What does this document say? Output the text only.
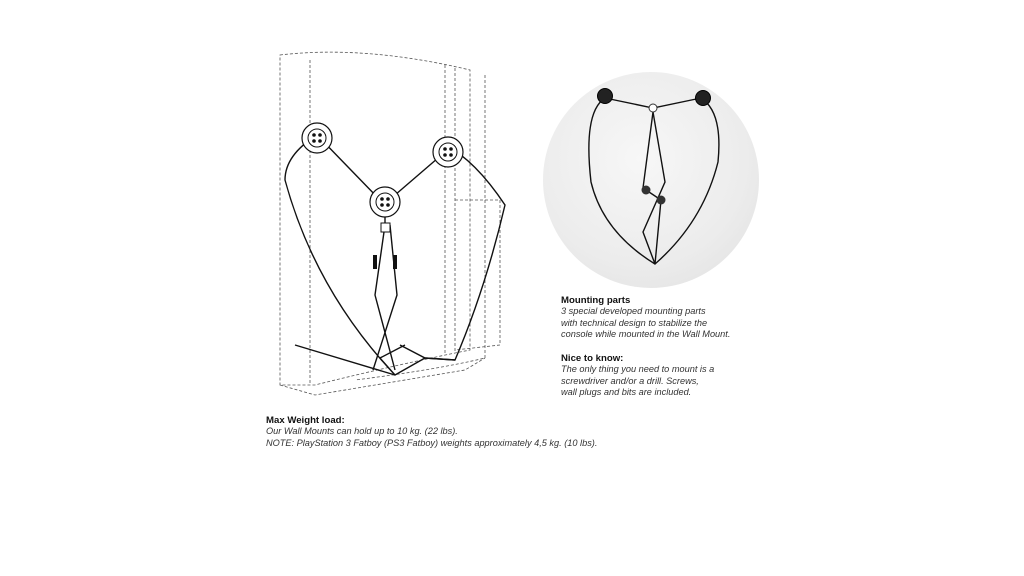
Mounting parts
3 special developed mounting parts
with technical design to stabilize the
console while mounted in the Wall Mount.
Nice to know:
The only thing you need to mount is a
screwdriver and/or a drill. Screws,
wall plugs and bits are included.
Max Weight load:
Our Wall Mounts can hold up to 10 kg. (22 lbs).
NOTE: PlayStation 3 Fatboy (PS3 Fatboy) weights approximately 4,5 kg. (10 lbs).
